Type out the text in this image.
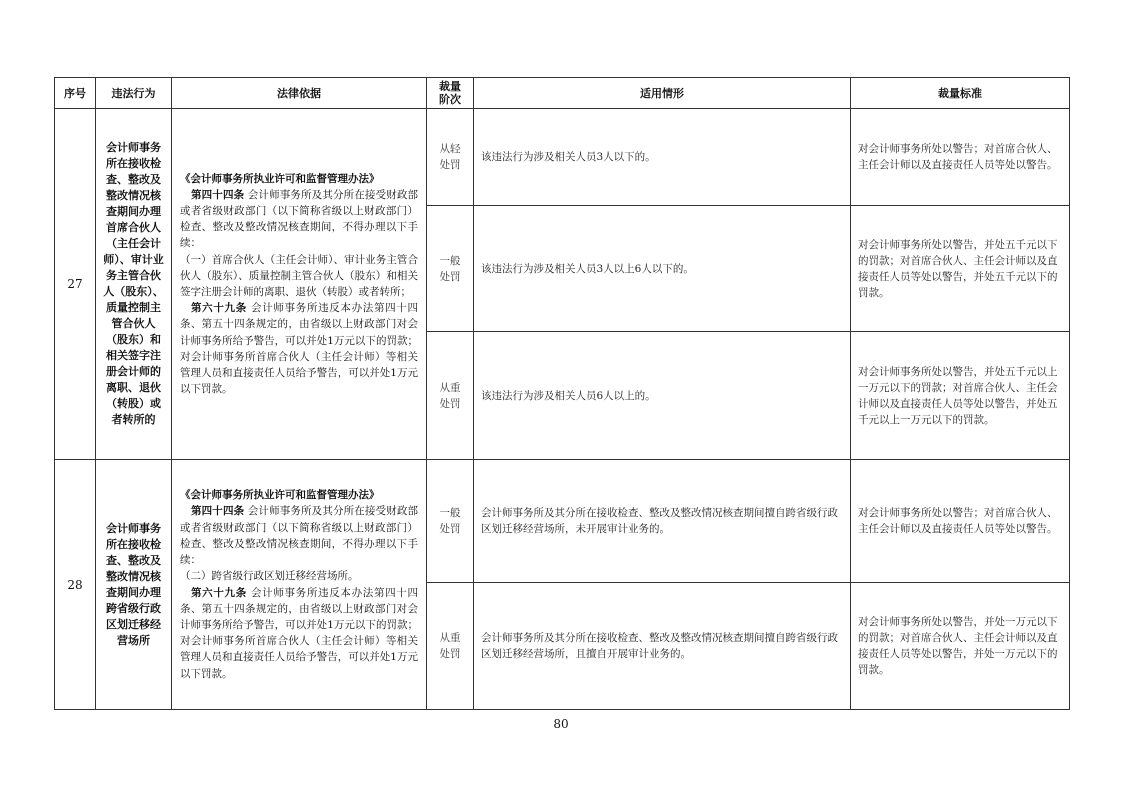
序号	违法行为	法律依据	裁量阶次	适用情形	裁量标准
27	会计师事务所在接收检查、整改及整改情况核查期间办理首席合伙人（主任会计师）、审计业务主管合伙人（股东）、质量控制主管合伙人（股东）和相关签字注册会计师的离职、退伙（转股）或者转所的	《会计师事务所执业许可和监督管理办法》
第四十四条 会计师事务所及其分所在接受财政部或者省级财政部门（以下简称省级以上财政部门）检查、整改及整改情况核查期间，不得办理以下手续：
（一）首席合伙人（主任会计师）、审计业务主管合伙人（股东）、质量控制主管合伙人（股东）和相关签字注册会计师的离职、退伙（转股）或者转所；
第六十九条 会计师事务所违反本办法第四十四条、第五十四条规定的，由省级以上财政部门对会计师事务所给予警告，可以并处1万元以下的罚款；对会计师事务所首席合伙人（主任会计师）等相关管理人员和直接责任人员给予警告，可以并处1万元以下罚款。	从轻处罚	该违法行为涉及相关人员3人以下的。	对会计师事务所处以警告；对首席合伙人、主任会计师以及直接责任人员等处以警告。
			一般处罚	该违法行为涉及相关人员3人以上6人以下的。	对会计师事务所处以警告，并处五千元以下的罚款；对首席合伙人、主任会计师以及直接责任人员等处以警告，并处五千元以下的罚款。
			从重处罚	该违法行为涉及相关人员6人以上的。	对会计师事务所处以警告，并处五千元以上一万元以下的罚款；对首席合伙人、主任会计师以及直接责任人员等处以警告，并处五千元以上一万元以下的罚款。
28	会计师事务所在接收检查、整改及整改情况核查期间办理跨省级行政区划迁移经营场所	《会计师事务所执业许可和监督管理办法》
第四十四条 会计师事务所及其分所在接受财政部或者省级财政部门（以下简称省级以上财政部门）检查、整改及整改情况核查期间，不得办理以下手续：
（二）跨省级行政区划迁移经营场所。
第六十九条 会计师事务所违反本办法第四十四条、第五十四条规定的，由省级以上财政部门对会计师事务所给予警告，可以并处1万元以下的罚款；对会计师事务所首席合伙人（主任会计师）等相关管理人员和直接责任人员给予警告，可以并处1万元以下罚款。	一般处罚	会计师事务所及其分所在接收检查、整改及整改情况核查期间擅自跨省级行政区划迁移经营场所，未开展审计业务的。	对会计师事务所处以警告；对首席合伙人、主任会计师以及直接责任人员等处以警告。
			从重处罚	会计师事务所及其分所在接收检查、整改及整改情况核查期间擅自跨省级行政区划迁移经营场所，且擅自开展审计业务的。	对会计师事务所处以警告，并处一万元以下的罚款；对首席合伙人、主任会计师以及直接责任人员等处以警告，并处一万元以下的罚款。
80
